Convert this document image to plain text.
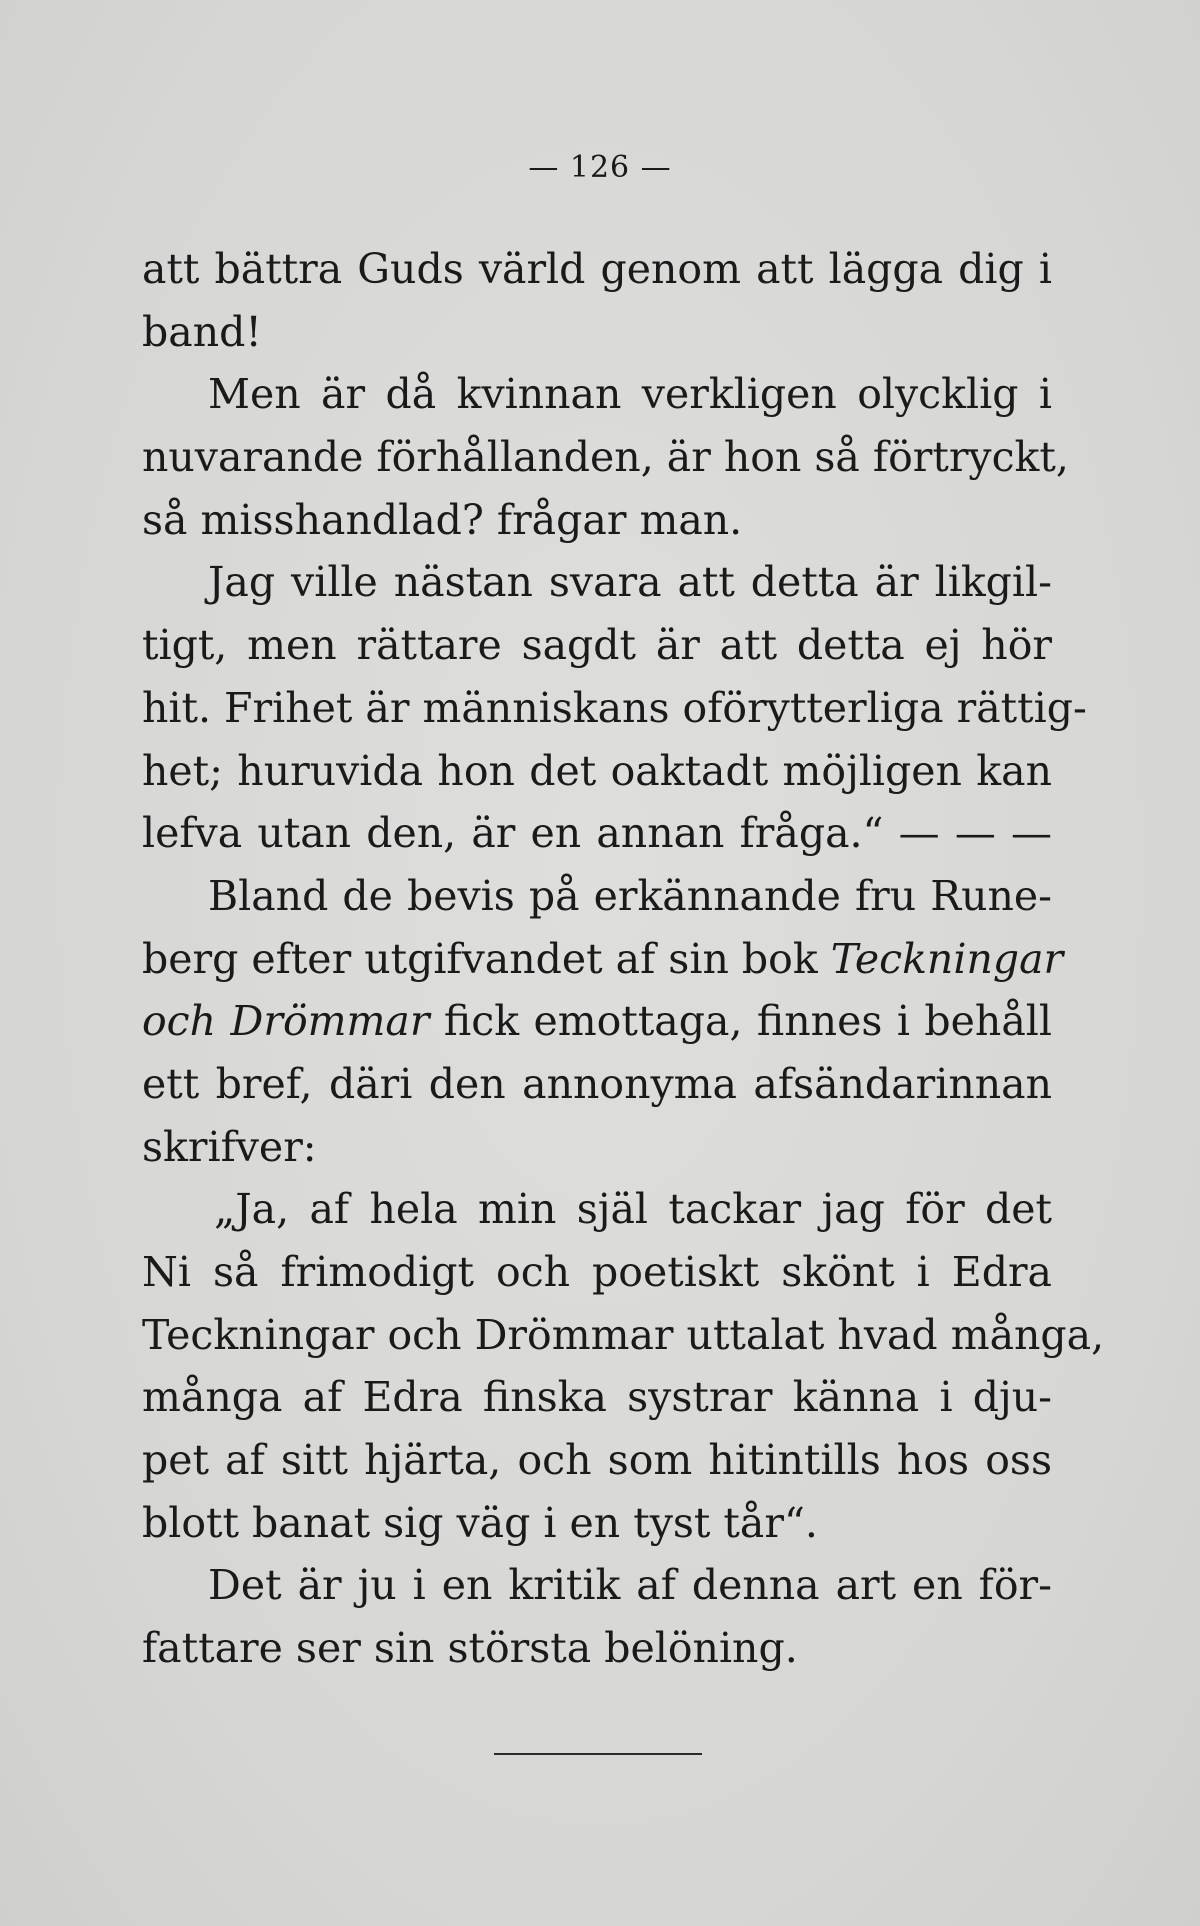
— 126 —
att bättra Guds värld genom att lägga dig i
band!
Men är då kvinnan verkligen olycklig i
nuvarande förhållanden, är hon så förtryckt,
så misshandlad? frågar man.
Jag ville nästan svara att detta är likgil-
tigt, men rättare sagdt är att detta ej hör
hit. Frihet är människans oförytterliga rättig-
het; huruvida hon det oaktadt möjligen kan
lefva utan den, är en annan fråga.“ — — —
Bland de bevis på erkännande fru Rune-
berg efter utgifvandet af sin bok Teckningar
och Drömmar fick emottaga, finnes i behåll
ett bref, däri den annonyma afsändarinnan
skrifver:
„Ja, af hela min själ tackar jag för det
Ni så frimodigt och poetiskt skönt i Edra
Teckningar och Drömmar uttalat hvad många,
många af Edra finska systrar känna i dju-
pet af sitt hjärta, och som hitintills hos oss
blott banat sig väg i en tyst tår“.
Det är ju i en kritik af denna art en för-
fattare ser sin största belöning.
